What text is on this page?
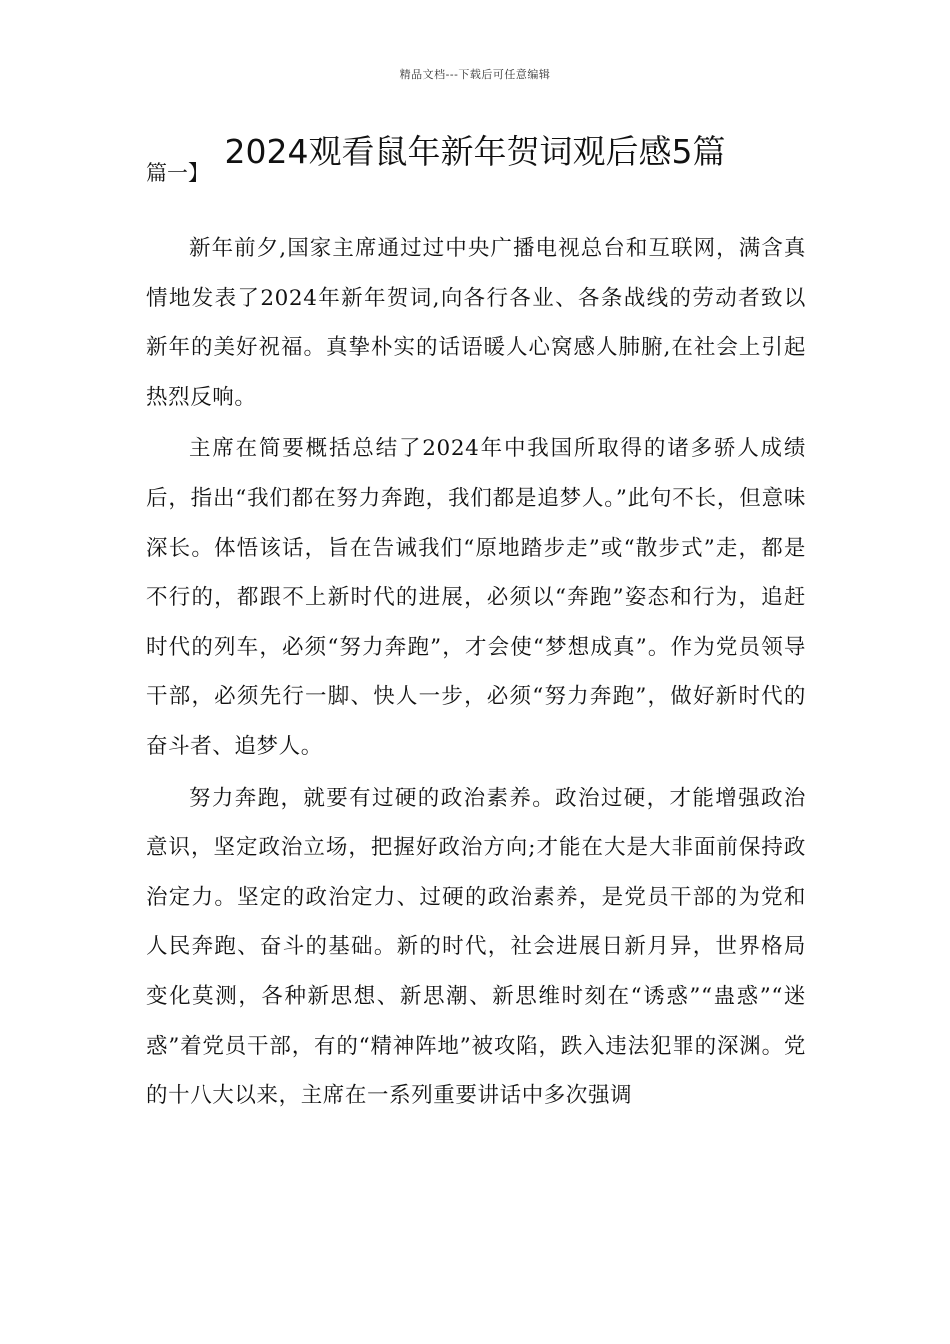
精品文档---下载后可任意编辑
2024观看鼠年新年贺词观后感5篇
篇一】

新年前夕,国家主席通过过中央广播电视总台和互联网，满含真情地发表了2024年新年贺词,向各行各业、各条战线的劳动者致以新年的美好祝福。真挚朴实的话语暖人心窝感人肺腑,在社会上引起热烈反响。

主席在简要概括总结了2024年中我国所取得的诸多骄人成绩后，指出“我们都在努力奔跑，我们都是追梦人。”此句不长，但意味深长。体悟该话，旨在告诫我们“原地踏步走”或“散步式”走，都是不行的，都跟不上新时代的进展，必须以“奔跑”姿态和行为，追赶时代的列车，必须“努力奔跑”，才会使“梦想成真”。作为党员领导干部，必须先行一脚、快人一步，必须“努力奔跑”，做好新时代的奋斗者、追梦人。

努力奔跑，就要有过硬的政治素养。政治过硬，才能增强政治意识，坚定政治立场，把握好政治方向;才能在大是大非面前保持政治定力。坚定的政治定力、过硬的政治素养，是党员干部的为党和人民奔跑、奋斗的基础。新的时代，社会进展日新月异，世界格局变化莫测，各种新思想、新思潮、新思维时刻在“诱惑”“蛊惑”“迷惑”着党员干部，有的“精神阵地”被攻陷，跌入违法犯罪的深渊。党的十八大以来，主席在一系列重要讲话中多次强调
